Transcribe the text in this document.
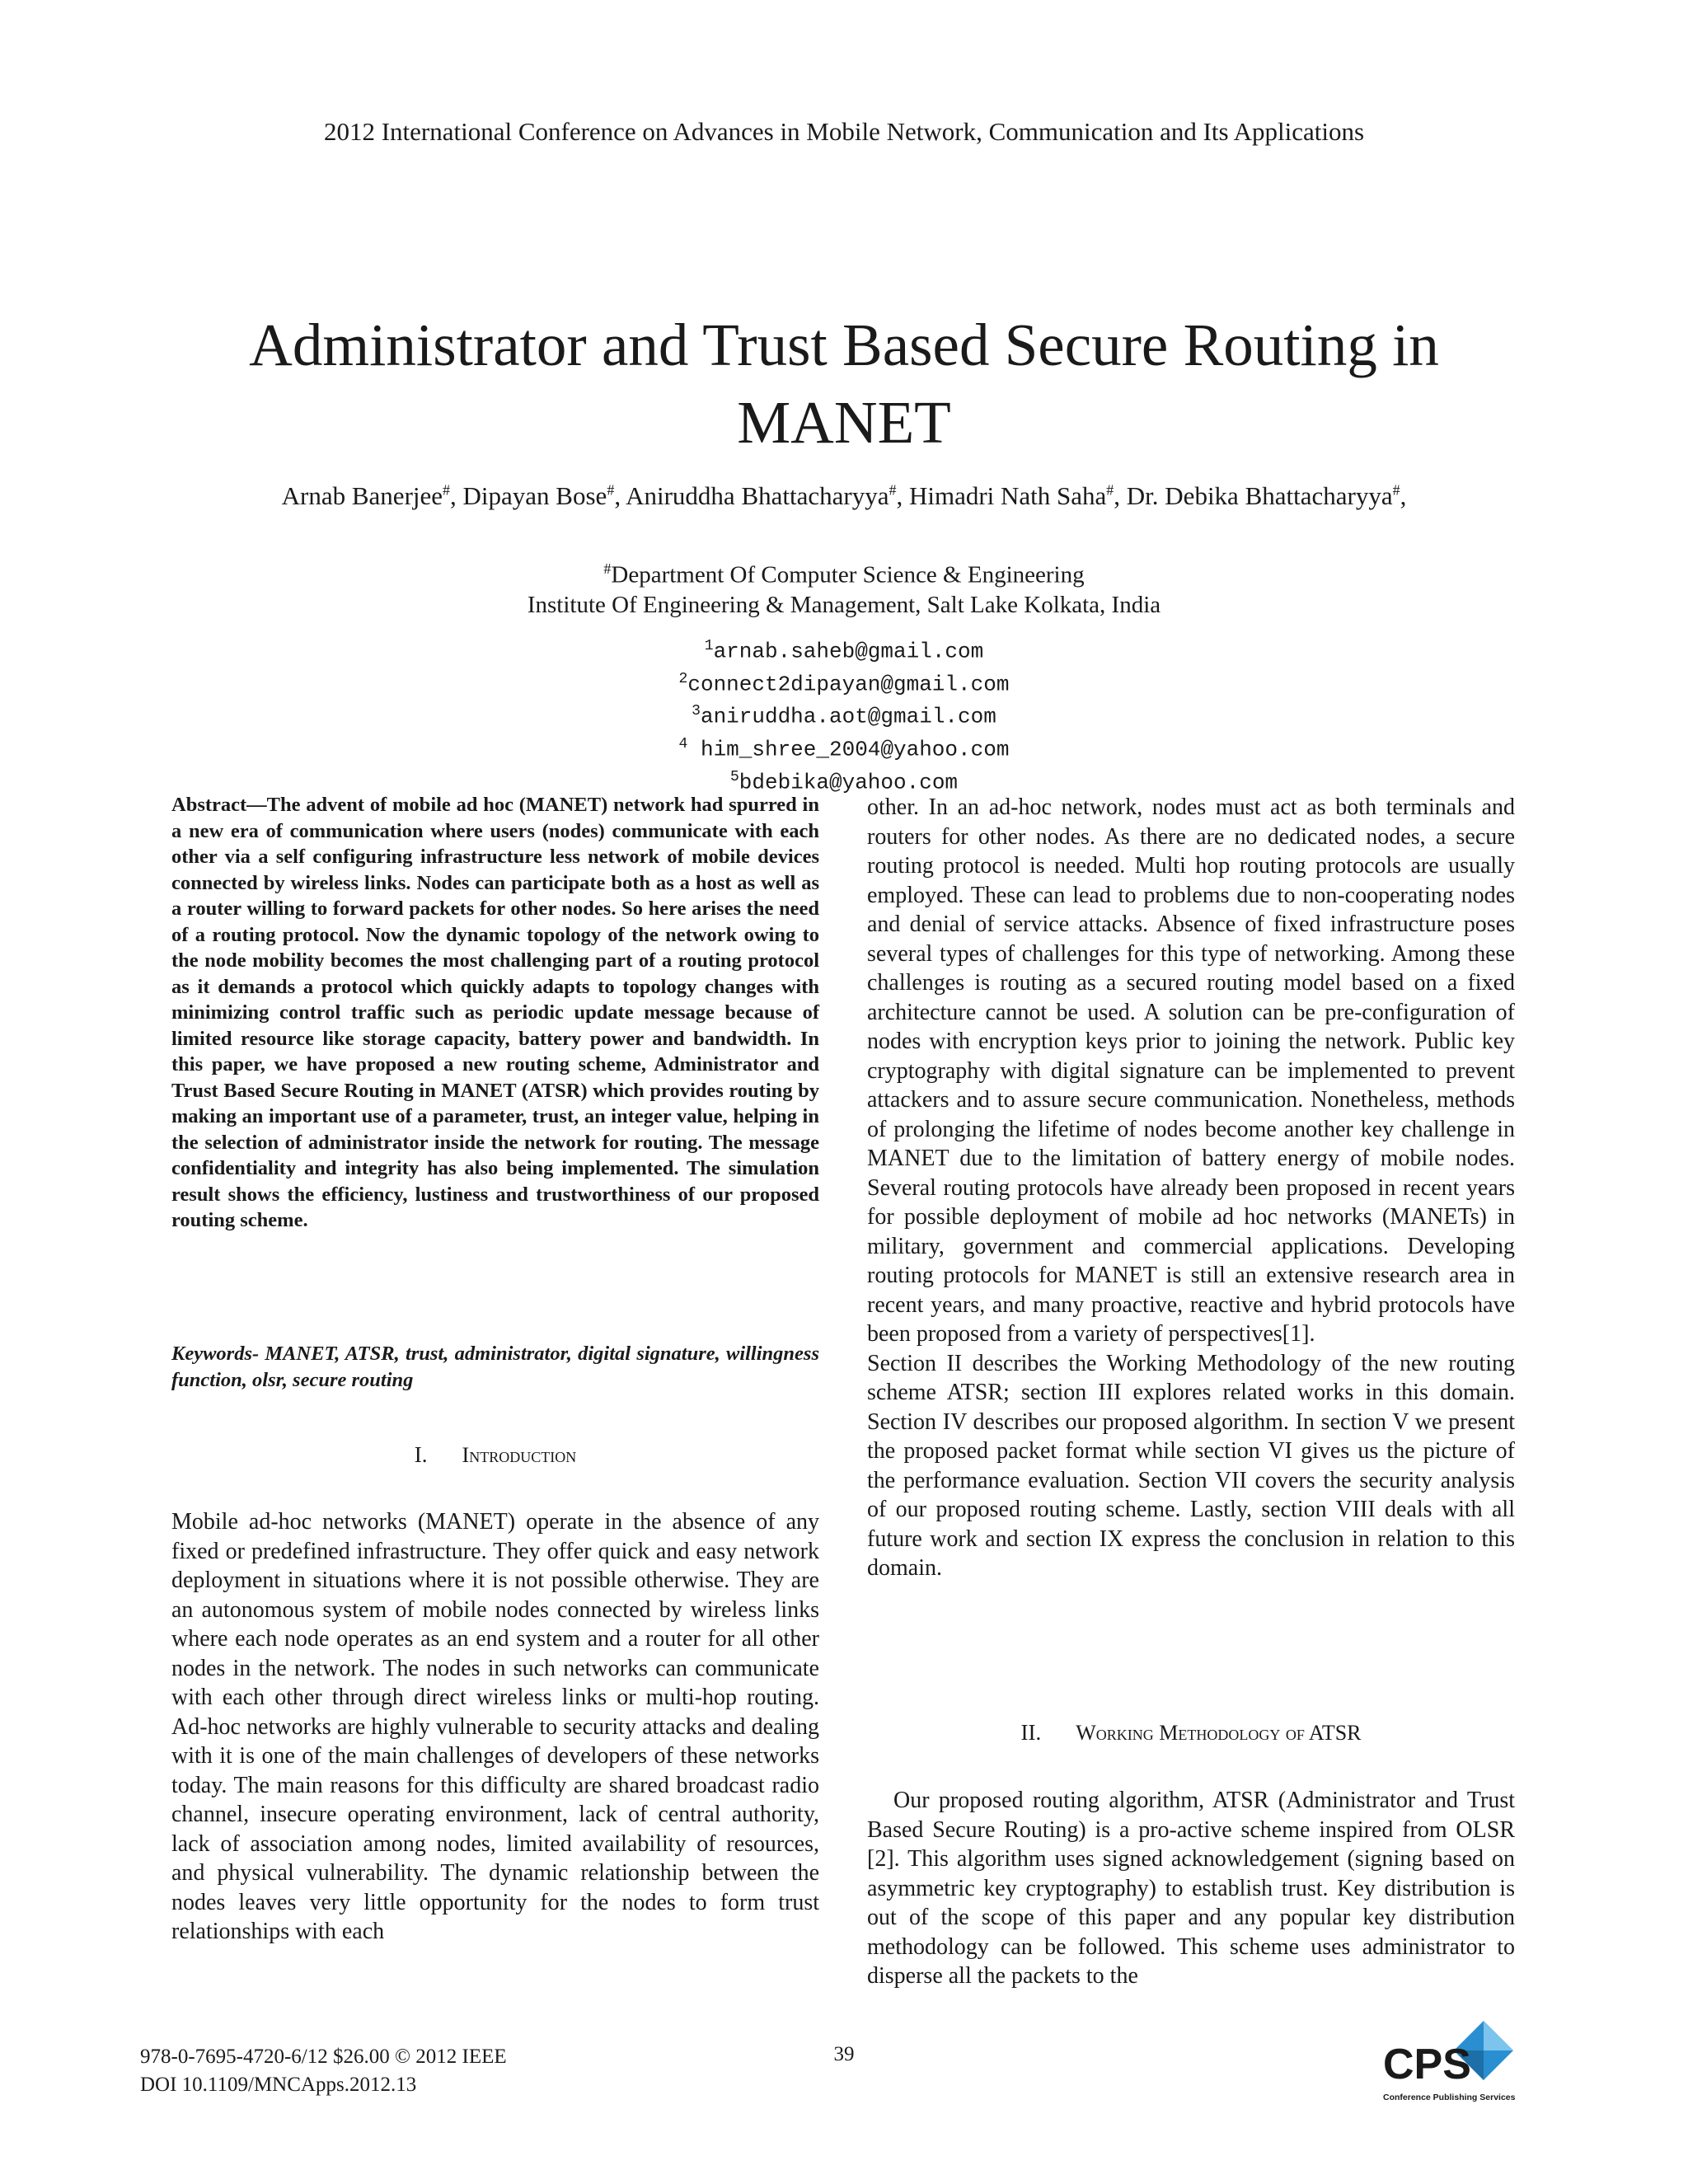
2012 International Conference on Advances in Mobile Network, Communication and Its Applications
Administrator and Trust Based Secure Routing in MANET
Arnab Banerjee#, Dipayan Bose#, Aniruddha Bhattacharyya#, Himadri Nath Saha#, Dr. Debika Bhattacharyya#,
#Department Of Computer Science & Engineering
Institute Of Engineering & Management, Salt Lake Kolkata, India
$^1$arnab.saheb@gmail.com
$^2$connect2dipayan@gmail.com
$^3$aniruddha.aot@gmail.com
$^4$ him_shree_2004@yahoo.com
$^5$bdebika@yahoo.com
Abstract—The advent of mobile ad hoc (MANET) network had spurred in a new era of communication where users (nodes) communicate with each other via a self configuring infrastructure less network of mobile devices connected by wireless links. Nodes can participate both as a host as well as a router willing to forward packets for other nodes. So here arises the need of a routing protocol. Now the dynamic topology of the network owing to the node mobility becomes the most challenging part of a routing protocol as it demands a protocol which quickly adapts to topology changes with minimizing control traffic such as periodic update message because of limited resource like storage capacity, battery power and bandwidth. In this paper, we have proposed a new routing scheme, Administrator and Trust Based Secure Routing in MANET (ATSR) which provides routing by making an important use of a parameter, trust, an integer value, helping in the selection of administrator inside the network for routing. The message confidentiality and integrity has also being implemented. The simulation result shows the efficiency, lustiness and trustworthiness of our proposed routing scheme.
Keywords- MANET, ATSR, trust, administrator, digital signature, willingness function, olsr, secure routing
I. Introduction
Mobile ad-hoc networks (MANET) operate in the absence of any fixed or predefined infrastructure. They offer quick and easy network deployment in situations where it is not possible otherwise. They are an autonomous system of mobile nodes connected by wireless links where each node operates as an end system and a router for all other nodes in the network. The nodes in such networks can communicate with each other through direct wireless links or multi-hop routing. Ad-hoc networks are highly vulnerable to security attacks and dealing with it is one of the main challenges of developers of these networks today. The main reasons for this difficulty are shared broadcast radio channel, insecure operating environment, lack of central authority, lack of association among nodes, limited availability of resources, and physical vulnerability. The dynamic relationship between the nodes leaves very little opportunity for the nodes to form trust relationships with each

other. In an ad-hoc network, nodes must act as both terminals and routers for other nodes. As there are no dedicated nodes, a secure routing protocol is needed. Multi hop routing protocols are usually employed. These can lead to problems due to non-cooperating nodes and denial of service attacks. Absence of fixed infrastructure poses several types of challenges for this type of networking. Among these challenges is routing as a secured routing model based on a fixed architecture cannot be used. A solution can be pre-configuration of nodes with encryption keys prior to joining the network. Public key cryptography with digital signature can be implemented to prevent attackers and to assure secure communication. Nonetheless, methods of prolonging the lifetime of nodes become another key challenge in MANET due to the limitation of battery energy of mobile nodes. Several routing protocols have already been proposed in recent years for possible deployment of mobile ad hoc networks (MANETs) in military, government and commercial applications. Developing routing protocols for MANET is still an extensive research area in recent years, and many proactive, reactive and hybrid protocols have been proposed from a variety of perspectives[1].

Section II describes the Working Methodology of the new routing scheme ATSR; section III explores related works in this domain. Section IV describes our proposed algorithm. In section V we present the proposed packet format while section VI gives us the picture of the performance evaluation. Section VII covers the security analysis of our proposed routing scheme. Lastly, section VIII deals with all future work and section IX express the conclusion in relation to this domain.

II. Working Methodology of ATSR
Our proposed routing algorithm, ATSR (Administrator and Trust Based Secure Routing) is a pro-active scheme inspired from OLSR [2]. This algorithm uses signed acknowledgement (signing based on asymmetric key cryptography) to establish trust. Key distribution is out of the scope of this paper and any popular key distribution methodology can be followed. This scheme uses administrator to disperse all the packets to the
978-0-7695-4720-6/12 $26.00 © 2012 IEEE
DOI 10.1109/MNCApps.2012.13
39	CPS
Conference Publishing Services
